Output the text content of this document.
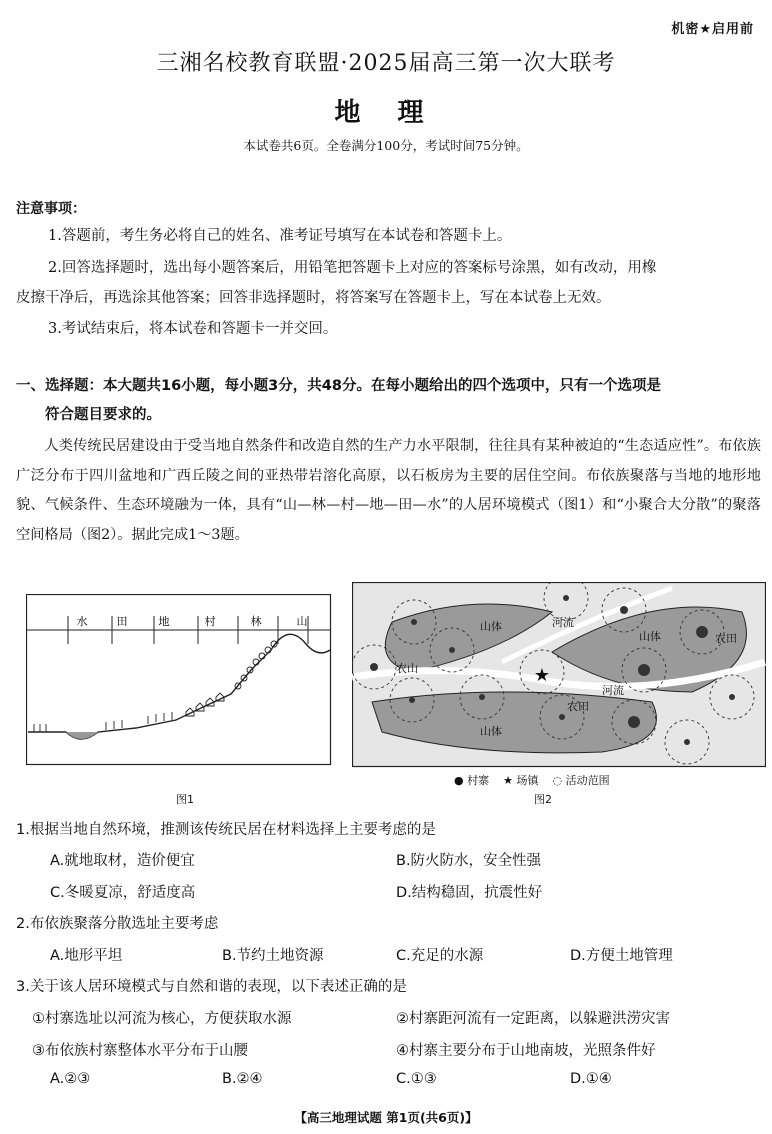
机密★启用前
三湘名校教育联盟·2025届高三第一次大联考
地 理
本试卷共6页。全卷满分100分，考试时间75分钟。
注意事项：
1.答题前，考生务必将自己的姓名、准考证号填写在本试卷和答题卡上。
2.回答选择题时，选出每小题答案后，用铅笔把答题卡上对应的答案标号涂黑，如有改动，用橡
皮擦干净后，再选涂其他答案；回答非选择题时，将答案写在答题卡上，写在本试卷上无效。
3.考试结束后，将本试卷和答题卡一并交回。
一、选择题：本大题共16小题，每小题3分，共48分。在每小题给出的四个选项中，只有一个选项是
符合题目要求的。
人类传统民居建设由于受当地自然条件和改造自然的生产力水平限制，往往具有某种被迫的“生态适应性”。布依族广泛分布于四川盆地和广西丘陵之间的亚热带岩溶化高原，以石板房为主要的居住空间。布依族聚落与当地的地形地貌、气候条件、生态环境融为一体，具有“山—林—村—地—田—水”的人居环境模式（图1）和“小聚合大分散”的聚落空间格局（图2）。据此完成1～3题。
水	田	地	村	林	山
图1
★
山体
山体
山体
河流
河流
农山
农田
农田
● 村寨 ★ 场镇 ◌ 活动范围
图2
1.根据当地自然环境，推测该传统民居在材料选择上主要考虑的是
A.就地取材，造价便宜	B.防火防水，安全性强
C.冬暖夏凉，舒适度高	D.结构稳固，抗震性好
2.布依族聚落分散选址主要考虑
A.地形平坦	B.节约土地资源	C.充足的水源	D.方便土地管理
3.关于该人居环境模式与自然和谐的表现，以下表述正确的是
①村寨选址以河流为核心，方便获取水源	②村寨距河流有一定距离，以躲避洪涝灾害
③布依族村寨整体水平分布于山腰	④村寨主要分布于山地南坡，光照条件好
A.②③	B.②④	C.①③	D.①④
【高三地理试题 第1页(共6页)】
